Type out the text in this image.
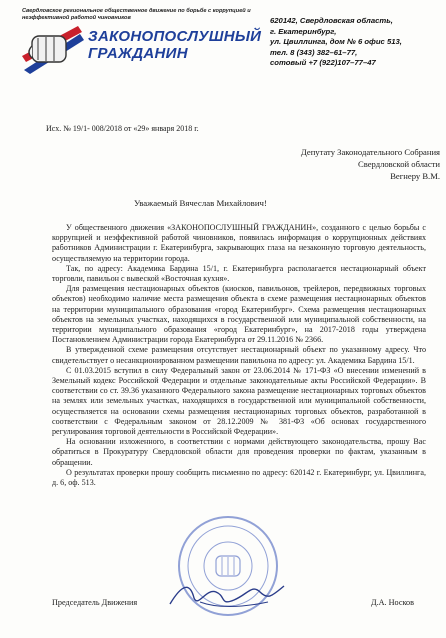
Свердловское региональное общественное движение по борьбе с коррупцией и неэффективной работой чиновников
ЗАКОНОПОСЛУШНЫЙ
ГРАЖДАНИН
620142, Свердловская область,
г. Екатеринбург,
ул. Цвиллинга, дом № 6 офис 513,
тел. 8 (343) 382–61–77,
сотовый +7 (922)107–77–47
Исх. № 19/1- 008/2018 от «29» января 2018 г.
Депутату Законодательного Собрания
Свердловской области
Вегнеру В.М.
Уважаемый Вячеслав Михайлович!

У общественного движения «ЗАКОНОПОСЛУШНЫЙ ГРАЖДАНИН», созданного с целью борьбы с коррупцией и неэффективной работой чиновников, появилась информация о коррупционных действиях работников Администрации г. Екатеринбурга, закрывающих глаза на незаконную торговую деятельность, осуществляемую на территории города.

Так, по адресу: Академика Бардина 15/1, г. Екатеринбурга располагается нестационарный объект торговли, павильон с вывеской «Восточная кухня».

Для размещения нестационарных объектов (киосков, павильонов, трейлеров, передвижных торговых объектов) необходимо наличие места размещения объекта в схеме размещения нестационарных объектов на территории муниципального образования «город Екатеринбург». Схема размещения нестационарных объектов на земельных участках, находящихся в государственной или муниципальной собственности, на территории муниципального образования «город Екатеринбург», на 2017-2018 годы утверждена Постановлением Администрации города Екатеринбурга от 29.11.2016 № 2366.

В утвержденной схеме размещения отсутствует нестационарный объект по указанному адресу. Что свидетельствует о несанкционированном размещении павильона по адресу: ул. Академика Бардина 15/1.

С 01.03.2015 вступил в силу Федеральный закон от 23.06.2014 № 171-ФЗ «О внесении изменений в Земельный кодекс Российской Федерации и отдельные законодательные акты Российской Федерации». В соответствии со ст. 39.36 указанного Федерального закона размещение нестационарных торговых объектов на землях или земельных участках, находящихся в государственной или муниципальной собственности, осуществляется на основании схемы размещения нестационарных торговых объектов, разработанной в соответствии с Федеральным законом от 28.12.2009 № 381-ФЗ «Об основах государственного регулирования торговой деятельности в Российской Федерации».

На основании изложенного, в соответствии с нормами действующего законодательства, прошу Вас обратиться в Прокуратуру Свердловской области для проведения проверки по фактам, указанным в обращении.

О результатах проверки прошу сообщить письменно по адресу: 620142 г. Екатеринбург, ул. Цвиллинга, д. 6, оф. 513.

Председатель Движения	Д.А. Носков
